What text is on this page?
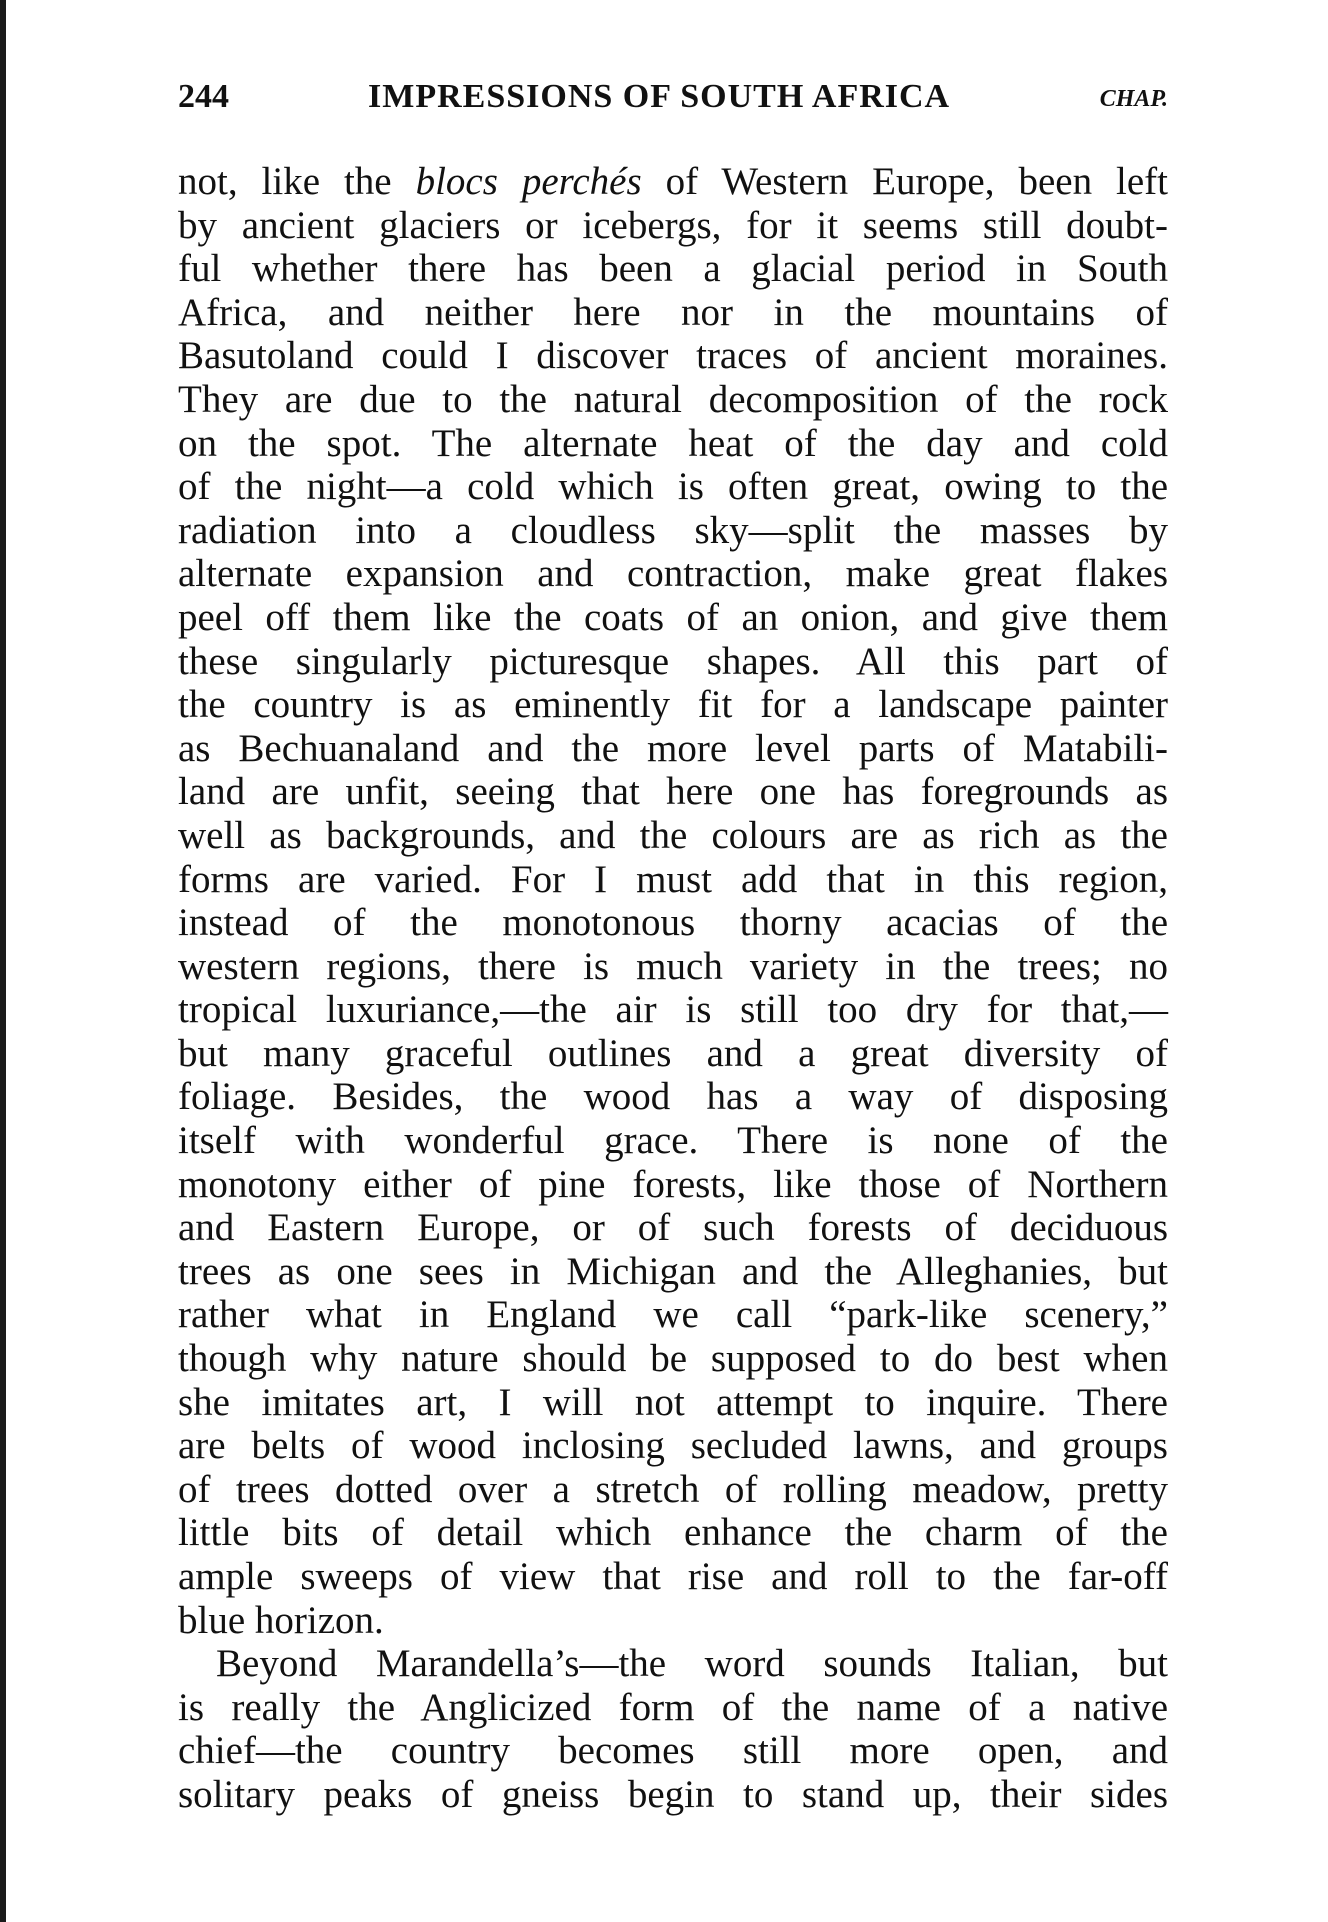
244	IMPRESSIONS OF SOUTH AFRICA	CHAP.
not, like the blocs perchés of Western Europe, been left
by ancient glaciers or icebergs, for it seems still doubt-
ful whether there has been a glacial period in South
Africa, and neither here nor in the mountains of
Basutoland could I discover traces of ancient moraines.
They are due to the natural decomposition of the rock
on the spot. The alternate heat of the day and cold
of the night—a cold which is often great, owing to the
radiation into a cloudless sky—split the masses by
alternate expansion and contraction, make great flakes
peel off them like the coats of an onion, and give them
these singularly picturesque shapes. All this part of
the country is as eminently fit for a landscape painter
as Bechuanaland and the more level parts of Matabili-
land are unfit, seeing that here one has foregrounds as
well as backgrounds, and the colours are as rich as the
forms are varied. For I must add that in this region,
instead of the monotonous thorny acacias of the
western regions, there is much variety in the trees; no
tropical luxuriance,—the air is still too dry for that,—
but many graceful outlines and a great diversity of
foliage. Besides, the wood has a way of disposing
itself with wonderful grace. There is none of the
monotony either of pine forests, like those of Northern
and Eastern Europe, or of such forests of deciduous
trees as one sees in Michigan and the Alleghanies, but
rather what in England we call “park-like scenery,”
though why nature should be supposed to do best when
she imitates art, I will not attempt to inquire. There
are belts of wood inclosing secluded lawns, and groups
of trees dotted over a stretch of rolling meadow, pretty
little bits of detail which enhance the charm of the
ample sweeps of view that rise and roll to the far-off
blue horizon.
Beyond Marandella’s—the word sounds Italian, but
is really the Anglicized form of the name of a native
chief—the country becomes still more open, and
solitary peaks of gneiss begin to stand up, their sides
